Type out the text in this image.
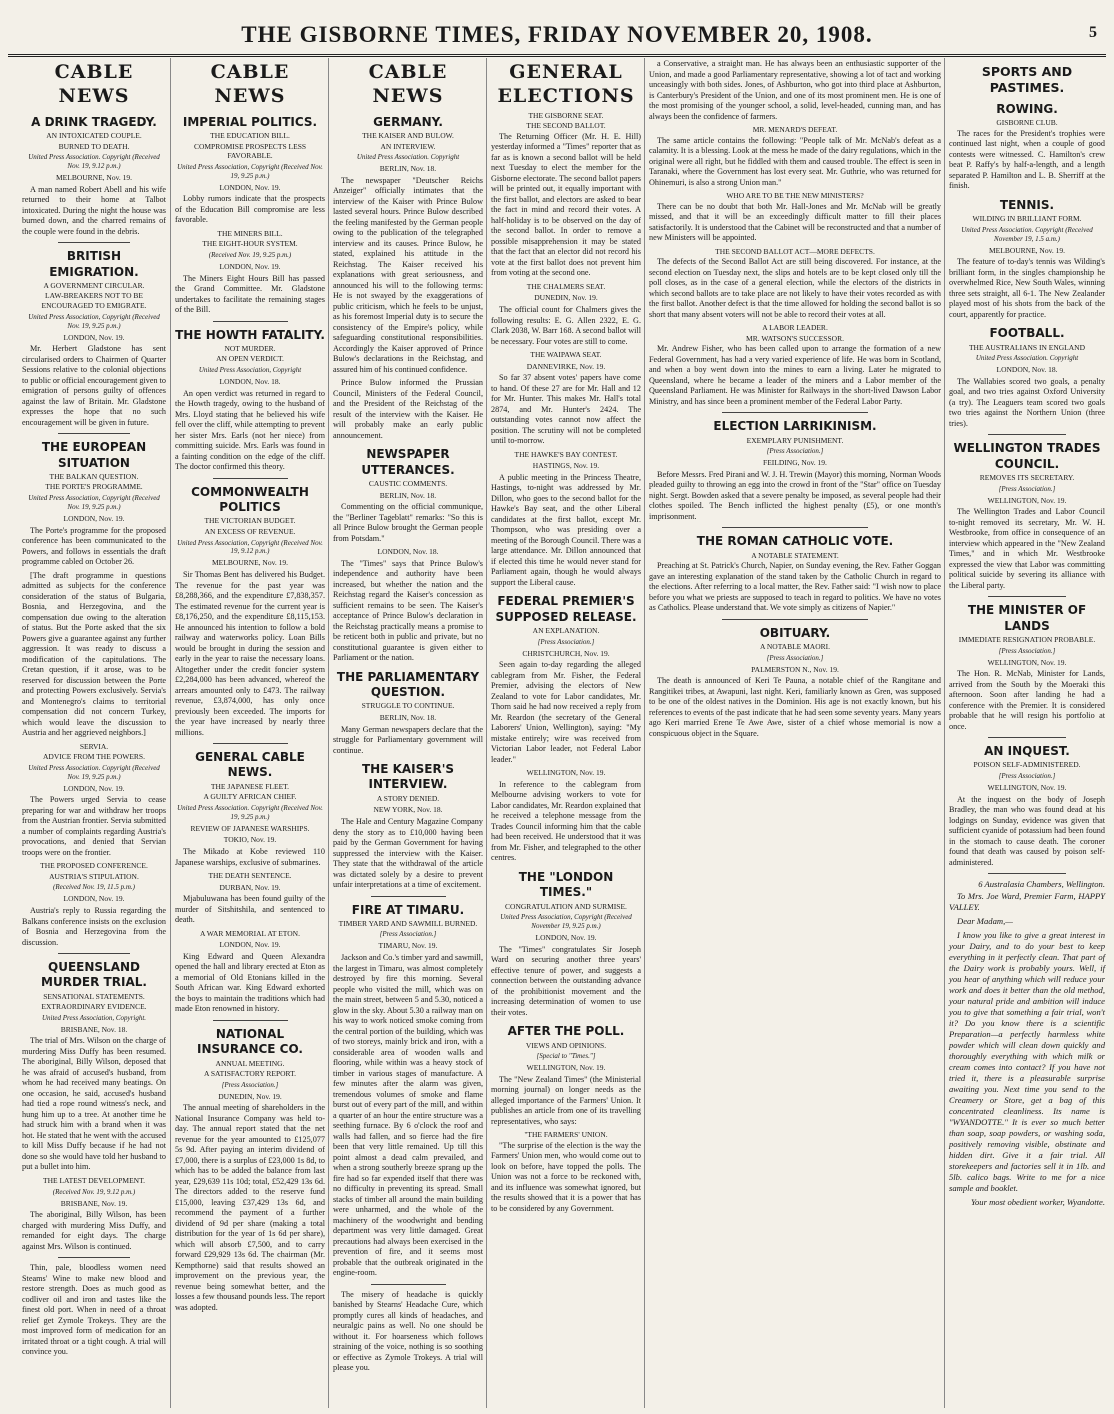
THE GISBORNE TIMES, FRIDAY NOVEMBER 20, 1908.	5
CABLE NEWS
A DRINK TRAGEDY.
AN INTOXICATED COUPLE.
BURNED TO DEATH.
United Press Association. Copyright (Received Nov. 19, 9.12 p.m.)
MELBOURNE, Nov. 19.

A man named Robert Abell and his wife returned to their home at Talbot intoxicated. During the night the house was burned down, and the charred remains of the couple were found in the debris.

BRITISH EMIGRATION.
A GOVERNMENT CIRCULAR.
LAW-BREAKERS NOT TO BE ENCOURAGED TO EMIGRATE.
United Press Association, Copyright (Received Nov. 19, 9.25 p.m.)
LONDON, Nov. 19.

Mr. Herbert Gladstone has sent circularised orders to Chairmen of Quarter Sessions relative to the colonial objections to public or official encouragement given to emigration of persons guilty of offences against the law of Britain. Mr. Gladstone expresses the hope that no such encouragement will be given in future.

THE EUROPEAN SITUATION
THE BALKAN QUESTION.
THE PORTE'S PROGRAMME.
United Press Association, Copyright (Received Nov. 19, 9.25 p.m.)
LONDON, Nov. 19.

The Porte's programme for the proposed conference has been communicated to the Powers, and follows in essentials the draft programme cabled on October 26.

[The draft programme in questions admitted as subjects for the conference consideration of the status of Bulgaria, Bosnia, and Herzegovina, and the compensation due owing to the alteration of status. But the Porte asked that the six Powers give a guarantee against any further aggression. It was ready to discuss a modification of the capitulations. The Cretan question, if it arose, was to be reserved for discussion between the Porte and protecting Powers exclusively. Servia's and Montenegro's claims to territorial compensation did not concern Turkey, which would leave the discussion to Austria and her aggrieved neighbors.]

SERVIA.
ADVICE FROM THE POWERS.
United Press Association. Copyright (Received Nov. 19, 9.25 p.m.)
LONDON, Nov. 19.

The Powers urged Servia to cease preparing for war and withdraw her troops from the Austrian frontier. Servia submitted a number of complaints regarding Austria's provocations, and denied that Servian troops were on the frontier.

THE PROPOSED CONFERENCE.
AUSTRIA'S STIPULATION.
(Received Nov. 19, 11.5 p.m.)
LONDON, Nov. 19.

Austria's reply to Russia regarding the Balkans conference insists on the exclusion of Bosnia and Herzegovina from the discussion.

QUEENSLAND MURDER TRIAL.
SENSATIONAL STATEMENTS.
EXTRAORDINARY EVIDENCE.
United Press Association, Copyright.
BRISBANE, Nov. 18.

The trial of Mrs. Wilson on the charge of murdering Miss Duffy has been resumed. The aboriginal, Billy Wilson, deposed that he was afraid of accused's husband, from whom he had received many beatings. On one occasion, he said, accused's husband had tied a rope round witness's neck, and hung him up to a tree. At another time he had struck him with a brand when it was hot. He stated that he went with the accused to kill Miss Duffy because if he had not done so she would have told her husband to put a bullet into him.

THE LATEST DEVELOPMENT.
(Received Nov. 19, 9.12 p.m.)
BRISBANE, Nov. 19.

The aboriginal, Billy Wilson, has been charged with murdering Miss Duffy, and remanded for eight days. The charge against Mrs. Wilson is continued.

Thin, pale, bloodless women need Steams' Wine to make new blood and restore strength. Does as much good as codliver oil and iron and tastes like the finest old port. When in need of a throat relief get Zymole Trokeys. They are the most improved form of medication for an irritated throat or a tight cough. A trial will convince you.

CABLE NEWS
IMPERIAL POLITICS.
THE EDUCATION BILL.
COMPROMISE PROSPECTS LESS FAVORABLE.
United Press Association, Copyright (Received Nov. 19, 9.25 p.m.)
LONDON, Nov. 19.

Lobby rumors indicate that the prospects of the Education Bill compromise are less favorable.

THE MINERS BILL.
THE EIGHT-HOUR SYSTEM.
(Received Nov. 19, 9.25 p.m.)
LONDON, Nov. 19.

The Miners Eight Hours Bill has passed the Grand Committee. Mr. Gladstone undertakes to facilitate the remaining stages of the Bill.

THE HOWTH FATALITY.
NOT MURDER.
AN OPEN VERDICT.
United Press Association, Copyright
LONDON, Nov. 18.

An open verdict was returned in regard to the Howth tragedy, owing to the husband of Mrs. Lloyd stating that he believed his wife fell over the cliff, while attempting to prevent her sister Mrs. Earls (not her niece) from committing suicide. Mrs. Earls was found in a fainting condition on the edge of the cliff. The doctor confirmed this theory.

COMMONWEALTH POLITICS
THE VICTORIAN BUDGET.
AN EXCESS OF REVENUE.
United Press Association, Copyright (Received Nov. 19, 9.12 p.m.)
MELBOURNE, Nov. 19.

Sir Thomas Bent has delivered his Budget. The revenue for the past year was £8,288,366, and the expenditure £7,838,357. The estimated revenue for the current year is £8,176,250, and the expenditure £8,115,153. He announced his intention to follow a bold railway and waterworks policy. Loan Bills would be brought in during the session and early in the year to raise the necessary loans. Altogether under the credit foncier system £2,284,000 has been advanced, whereof the arrears amounted only to £473. The railway revenue, £3,874,000, has only once previously been exceeded. The imports for the year have increased by nearly three millions.

GENERAL CABLE NEWS.
THE JAPANESE FLEET.
A GUILTY AFRICAN CHIEF.
United Press Association. Copyright (Received Nov. 19, 9.25 p.m.)
REVIEW OF JAPANESE WARSHIPS.
TOKIO, Nov. 19.

The Mikado at Kobe reviewed 110 Japanese warships, exclusive of submarines.

THE DEATH SENTENCE.
DURBAN, Nov. 19.

Mjabuluwana has been found guilty of the murder of Sitshitshila, and sentenced to death.

A WAR MEMORIAL AT ETON.
LONDON, Nov. 19.

King Edward and Queen Alexandra opened the hall and library erected at Eton as a memorial of Old Etonians killed in the South African war. King Edward exhorted the boys to maintain the traditions which had made Eton renowned in history.

NATIONAL INSURANCE CO.
ANNUAL MEETING.
A SATISFACTORY REPORT.
[Press Association.]
DUNEDIN, Nov. 19.

The annual meeting of shareholders in the National Insurance Company was held to-day. The annual report stated that the net revenue for the year amounted to £125,077 5s 9d. After paying an interim dividend of £7,000, there is a surplus of £23,000 1s 8d, to which has to be added the balance from last year, £29,639 11s 10d; total, £52,429 13s 6d. The directors added to the reserve fund £15,000, leaving £37,429 13s 6d, and recommend the payment of a further dividend of 9d per share (making a total distribution for the year of 1s 6d per share), which will absorb £7,500, and to carry forward £29,929 13s 6d. The chairman (Mr. Kempthorne) said that results showed an improvement on the previous year, the revenue being somewhat better, and the losses a few thousand pounds less. The report was adopted.

CABLE NEWS
GERMANY.
THE KAISER AND BULOW.
AN INTERVIEW.
United Press Association. Copyright
BERLIN, Nov. 18.

The newspaper "Deutscher Reichs Anzeiger" officially intimates that the interview of the Kaiser with Prince Bulow lasted several hours. Prince Bulow described the feeling manifested by the German people owing to the publication of the telegraphed interview and its causes. Prince Bulow, he stated, explained his attitude in the Reichstag. The Kaiser received his explanations with great seriousness, and announced his will to the following terms: He is not swayed by the exaggerations of public criticism, which he feels to be unjust, as his foremost Imperial duty is to secure the consistency of the Empire's policy, while safeguarding constitutional responsibilities. Accordingly the Kaiser approved of Prince Bulow's declarations in the Reichstag, and assured him of his continued confidence.

Prince Bulow informed the Prussian Council, Ministers of the Federal Council, and the President of the Reichstag of the result of the interview with the Kaiser. He will probably make an early public announcement.

NEWSPAPER UTTERANCES.
CAUSTIC COMMENTS.
BERLIN, Nov. 18.

Commenting on the official communique, the "Berliner Tageblatt" remarks: "So this is all Prince Bulow brought the German people from Potsdam."

LONDON, Nov. 18.

The "Times" says that Prince Bulow's independence and authority have been increased, but whether the nation and the Reichstag regard the Kaiser's concession as sufficient remains to be seen. The Kaiser's acceptance of Prince Bulow's declaration in the Reichstag practically means a promise to be reticent both in public and private, but no constitutional guarantee is given either to Parliament or the nation.

THE PARLIAMENTARY QUESTION.
STRUGGLE TO CONTINUE.
BERLIN, Nov. 18.

Many German newspapers declare that the struggle for Parliamentary government will continue.

THE KAISER'S INTERVIEW.
A STORY DENIED.
NEW YORK, Nov. 18.

The Hale and Century Magazine Company deny the story as to £10,000 having been paid by the German Government for having suppressed the interview with the Kaiser. They state that the withdrawal of the article was dictated solely by a desire to prevent unfair interpretations at a time of excitement.

FIRE AT TIMARU.
TIMBER YARD AND SAWMILL BURNED.
[Press Association.]
TIMARU, Nov. 19.

Jackson and Co.'s timber yard and sawmill, the largest in Timaru, was almost completely destroyed by fire this morning. Several people who visited the mill, which was on the main street, between 5 and 5.30, noticed a glow in the sky. About 5.30 a railway man on his way to work noticed smoke coming from the central portion of the building, which was of two storeys, mainly brick and iron, with a considerable area of wooden walls and flooring, while within was a heavy stock of timber in various stages of manufacture. A few minutes after the alarm was given, tremendous volumes of smoke and flame burst out of every part of the mill, and within a quarter of an hour the entire structure was a seething furnace. By 6 o'clock the roof and walls had fallen, and so fierce had the fire been that very little remained. Up till this point almost a dead calm prevailed, and when a strong southerly breeze sprang up the fire had so far expended itself that there was no difficulty in preventing its spread. Small stacks of timber all around the main building were unharmed, and the whole of the machinery of the woodwright and bending department was very little damaged. Great precautions had always been exercised in the prevention of fire, and it seems most probable that the outbreak originated in the engine-room.

The misery of headache is quickly banished by Stearns' Headache Cure, which promptly cures all kinds of headaches, and neuralgic pains as well. No one should be without it. For hoarseness which follows straining of the voice, nothing is so soothing or effective as Zymole Trokeys. A trial will please you.

GENERAL ELECTIONS
THE GISBORNE SEAT.
THE SECOND BALLOT.

The Returning Officer (Mr. H. E. Hill) yesterday informed a "Times" reporter that as far as is known a second ballot will be held next Tuesday to elect the member for the Gisborne electorate. The second ballot papers will be printed out, it equally important with the first ballot, and electors are asked to bear the fact in mind and record their votes. A half-holiday is to be observed on the day of the second ballot. In order to remove a possible misapprehension it may be stated that the fact that an elector did not record his vote at the first ballot does not prevent him from voting at the second one.

THE CHALMERS SEAT.
DUNEDIN, Nov. 19.

The official count for Chalmers gives the following results: E. G. Allen 2322, E. G. Clark 2038, W. Barr 168. A second ballot will be necessary. Four votes are still to come.

THE WAIPAWA SEAT.
DANNEVIRKE, Nov. 19.

So far 37 absent votes' papers have come to hand. Of these 27 are for Mr. Hall and 12 for Mr. Hunter. This makes Mr. Hall's total 2874, and Mr. Hunter's 2424. The outstanding votes cannot now affect the position. The scrutiny will not be completed until to-morrow.

THE HAWKE'S BAY CONTEST.
HASTINGS, Nov. 19.

A public meeting in the Princess Theatre, Hastings, to-night was addressed by Mr. Dillon, who goes to the second ballot for the Hawke's Bay seat, and the other Liberal candidates at the first ballot, except Mr. Thompson, who was presiding over a meeting of the Borough Council. There was a large attendance. Mr. Dillon announced that if elected this time he would never stand for Parliament again, though he would always support the Liberal cause.

FEDERAL PREMIER'S SUPPOSED RELEASE.
AN EXPLANATION.
[Press Association.]
CHRISTCHURCH, Nov. 19.

Seen again to-day regarding the alleged cablegram from Mr. Fisher, the Federal Premier, advising the electors of New Zealand to vote for Labor candidates, Mr. Thorn said he had now received a reply from Mr. Reardon (the secretary of the General Laborers' Union, Wellington), saying: "My mistake entirely; wire was received from Victorian Labor leader, not Federal Labor leader."

WELLINGTON, Nov. 19.

In reference to the cablegram from Melbourne advising workers to vote for Labor candidates, Mr. Reardon explained that he received a telephone message from the Trades Council informing him that the cable had been received. He understood that it was from Mr. Fisher, and telegraphed to the other centres.

THE "LONDON TIMES."
CONGRATULATION AND SURMISE.
United Press Association, Copyright (Received November 19, 9.25 p.m.)
LONDON, Nov. 19.

The "Times" congratulates Sir Joseph Ward on securing another three years' effective tenure of power, and suggests a connection between the outstanding advance of the prohibitionist movement and the increasing determination of women to use their votes.

AFTER THE POLL.
VIEWS AND OPINIONS.
[Special to "Times."]
WELLINGTON, Nov. 19.

The "New Zealand Times" (the Ministerial morning journal) on longer needs as the alleged importance of the Farmers' Union. It publishes an article from one of its travelling representatives, who says:

"THE FARMERS' UNION.

"The surprise of the election is the way the Farmers' Union men, who would come out to look on before, have topped the polls. The Union was not a force to be reckoned with, and its influence was somewhat ignored, but the results showed that it is a power that has to be considered by any Government.

a Conservative, a straight man. He has always been an enthusiastic supporter of the Union, and made a good Parliamentary representative, showing a lot of tact and working unceasingly with both sides. Jones, of Ashburton, who got into third place at Ashburton, is Canterbury's President of the Union, and one of its most prominent men. He is one of the most promising of the younger school, a solid, level-headed, cunning man, and has always been the confidence of farmers.

MR. MENARD'S DEFEAT.

The same article contains the following: "People talk of Mr. McNab's defeat as a calamity. It is a blessing. Look at the mess he made of the dairy regulations, which in the original were all right, but he fiddled with them and caused trouble. The effect is seen in Taranaki, where the Government has lost every seat. Mr. Guthrie, who was returned for Ohinemuri, is also a strong Union man."

WHO ARE TO BE THE NEW MINISTERS?

There can be no doubt that both Mr. Hall-Jones and Mr. McNab will be greatly missed, and that it will be an exceedingly difficult matter to fill their places satisfactorily. It is understood that the Cabinet will be reconstructed and that a number of new Ministers will be appointed.

THE SECOND BALLOT ACT—MORE DEFECTS.

The defects of the Second Ballot Act are still being discovered. For instance, at the second election on Tuesday next, the slips and hotels are to be kept closed only till the poll closes, as in the case of a general election, while the electors of the districts in which second ballots are to take place are not likely to have their votes recorded as with the first ballot. Another defect is that the time allowed for holding the second ballot is so short that many absent voters will not be able to record their votes at all.

A LABOR LEADER.
MR. WATSON'S SUCCESSOR.

Mr. Andrew Fisher, who has been called upon to arrange the formation of a new Federal Government, has had a very varied experience of life. He was born in Scotland, and when a boy went down into the mines to earn a living. Later he migrated to Queensland, where he became a leader of the miners and a Labor member of the Queensland Parliament. He was Minister for Railways in the short-lived Dawson Labor Ministry, and has since been a prominent member of the Federal Labor Party.

ELECTION LARRIKINISM.
EXEMPLARY PUNISHMENT.
[Press Association.]
FEILDING, Nov. 19.

Before Messrs. Fred Pirani and W. J. H. Trewin (Mayor) this morning, Norman Woods pleaded guilty to throwing an egg into the crowd in front of the "Star" office on Tuesday night. Sergt. Bowden asked that a severe penalty be imposed, as several people had their clothes spoiled. The Bench inflicted the highest penalty (£5), or one month's imprisonment.

THE ROMAN CATHOLIC VOTE.
A NOTABLE STATEMENT.

Preaching at St. Patrick's Church, Napier, on Sunday evening, the Rev. Father Goggan gave an interesting explanation of the stand taken by the Catholic Church in regard to the elections. After referring to a local matter, the Rev. Father said: "I wish now to place before you what we priests are supposed to teach in regard to politics. We have no votes as Catholics. Please understand that. We vote simply as citizens of Napier."

OBITUARY.
A NOTABLE MAORI.
[Press Association.]
PALMERSTON N., Nov. 19.

The death is announced of Keri Te Pauna, a notable chief of the Rangitane and Rangitikei tribes, at Awapuni, last night. Keri, familiarly known as Gren, was supposed to be one of the oldest natives in the Dominion. His age is not exactly known, but his references to events of the past indicate that he had seen some seventy years. Many years ago Keri married Erene Te Awe Awe, sister of a chief whose memorial is now a conspicuous object in the Square.

SPORTS AND PASTIMES.
ROWING.
GISBORNE CLUB.

The races for the President's trophies were continued last night, when a couple of good contests were witnessed. C. Hamilton's crew beat P. Raffy's by half-a-length, and a length separated P. Hamilton and L. B. Sherriff at the finish.

TENNIS.
WILDING IN BRILLIANT FORM.
United Press Association. Copyright (Received November 19, 1.5 a.m.)
MELBOURNE, Nov. 19.

The feature of to-day's tennis was Wilding's brilliant form, in the singles championship he overwhelmed Rice, New South Wales, winning three sets straight, all 6-1. The New Zealander played most of his shots from the back of the court, apparently for practice.

FOOTBALL.
THE AUSTRALIANS IN ENGLAND
United Press Association. Copyright
LONDON, Nov. 18.

The Wallabies scored two goals, a penalty goal, and two tries against Oxford University (a try). The Leaguers team scored two goals two tries against the Northern Union (three tries).

WELLINGTON TRADES COUNCIL.
REMOVES ITS SECRETARY.
[Press Association.]
WELLINGTON, Nov. 19.

The Wellington Trades and Labor Council to-night removed its secretary, Mr. W. H. Westbrooke, from office in consequence of an interview which appeared in the "New Zealand Times," and in which Mr. Westbrooke expressed the view that Labor was committing political suicide by severing its alliance with the Liberal party.

THE MINISTER OF LANDS
IMMEDIATE RESIGNATION PROBABLE.
[Press Association.]
WELLINGTON, Nov. 19.

The Hon. R. McNab, Minister for Lands, arrived from the South by the Moeraki this afternoon. Soon after landing he had a conference with the Premier. It is considered probable that he will resign his portfolio at once.

AN INQUEST.
POISON SELF-ADMINISTERED.
[Press Association.]
WELLINGTON, Nov. 19.

At the inquest on the body of Joseph Bradley, the man who was found dead at his lodgings on Sunday, evidence was given that sufficient cyanide of potassium had been found in the stomach to cause death. The coroner found that death was caused by poison self-administered.

6 Australasia Chambers, Wellington.

To Mrs. Joe Ward, Premier Farm, HAPPY VALLEY.

Dear Madam,—

I know you like to give a great interest in your Dairy, and to do your best to keep everything in it perfectly clean. That part of the Dairy work is probably yours. Well, if you hear of anything which will reduce your work and does it better than the old method, your natural pride and ambition will induce you to give that something a fair trial, won't it? Do you know there is a scientific Preparation—a perfectly harmless white powder which will clean down quickly and thoroughly everything with which milk or cream comes into contact? If you have not tried it, there is a pleasurable surprise awaiting you. Next time you send to the Creamery or Store, get a bag of this concentrated cleanliness. Its name is "WYANDOTTE." It is ever so much better than soap, soap powders, or washing soda, positively removing visible, obstinate and hidden dirt. Give it a fair trial. All storekeepers and factories sell it in 1lb. and 5lb. calico bags. Write to me for a nice sample and booklet.

Your most obedient worker, Wyandotte.
